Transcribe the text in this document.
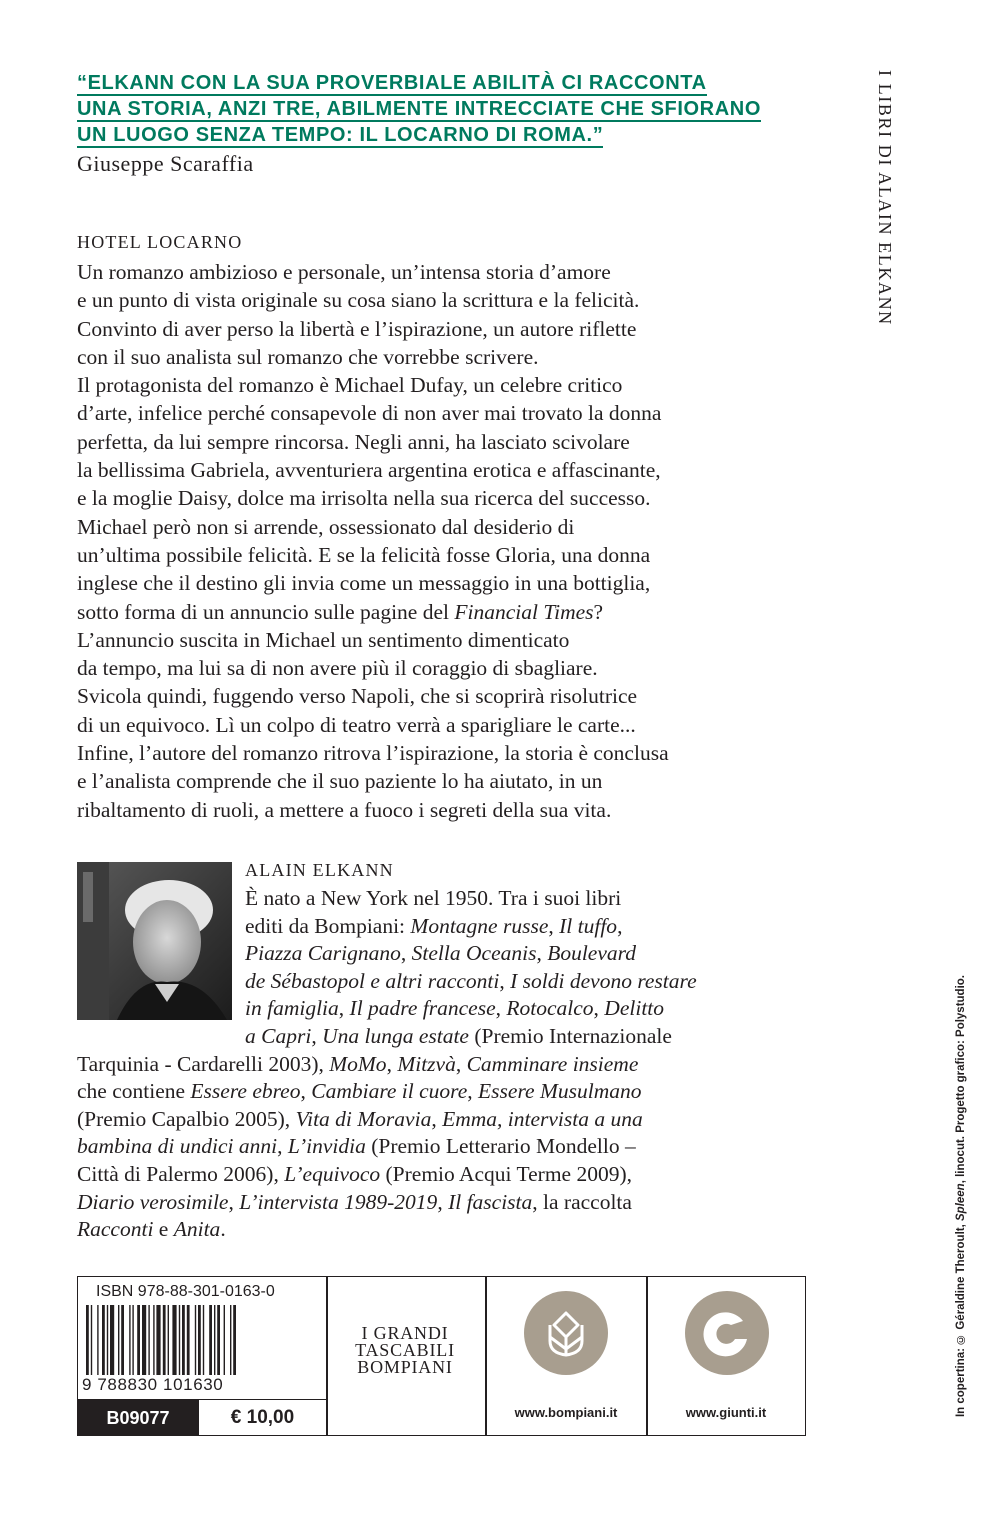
“ELKANN CON LA SUA PROVERBIALE ABILITÀ CI RACCONTA
UNA STORIA, ANZI TRE, ABILMENTE INTRECCIATE CHE SFIORANO
UN LUOGO SENZA TEMPO: IL LOCARNO DI ROMA.”
Giuseppe Scaraffia
HOTEL LOCARNO
Un romanzo ambizioso e personale, un’intensa storia d’amore
e un punto di vista originale su cosa siano la scrittura e la felicità.
Convinto di aver perso la libertà e l’ispirazione, un autore riflette
con il suo analista sul romanzo che vorrebbe scrivere.
Il protagonista del romanzo è Michael Dufay, un celebre critico
d’arte, infelice perché consapevole di non aver mai trovato la donna
perfetta, da lui sempre rincorsa. Negli anni, ha lasciato scivolare
la bellissima Gabriela, avventuriera argentina erotica e affascinante,
e la moglie Daisy, dolce ma irrisolta nella sua ricerca del successo.
Michael però non si arrende, ossessionato dal desiderio di
un’ultima possibile felicità. E se la felicità fosse Gloria, una donna
inglese che il destino gli invia come un messaggio in una bottiglia,
sotto forma di un annuncio sulle pagine del Financial Times?
L’annuncio suscita in Michael un sentimento dimenticato
da tempo, ma lui sa di non avere più il coraggio di sbagliare.
Svicola quindi, fuggendo verso Napoli, che si scoprirà risolutrice
di un equivoco. Lì un colpo di teatro verrà a sparigliare le carte...
Infine, l’autore del romanzo ritrova l’ispirazione, la storia è conclusa
e l’analista comprende che il suo paziente lo ha aiutato, in un
ribaltamento di ruoli, a mettere a fuoco i segreti della sua vita.
ALAIN ELKANN
È nato a New York nel 1950. Tra i suoi libri
editi da Bompiani: Montagne russe, Il tuffo,
Piazza Carignano, Stella Oceanis, Boulevard
de Sébastopol e altri racconti, I soldi devono restare
in famiglia, Il padre francese, Rotocalco, Delitto
a Capri, Una lunga estate (Premio Internazionale
Tarquinia - Cardarelli 2003), MoMo, Mitzvà, Camminare insieme
che contiene Essere ebreo, Cambiare il cuore, Essere Musulmano
(Premio Capalbio 2005), Vita di Moravia, Emma, intervista a una
bambina di undici anni, L’invidia (Premio Letterario Mondello –
Città di Palermo 2006), L’equivoco (Premio Acqui Terme 2009),
Diario verosimile, L’intervista 1989-2019, Il fascista, la raccolta
Racconti e Anita.
I LIBRI DI ALAIN ELKANN
In copertina: © Géraldine Theroult, Spleen, linocut. Progetto grafico: Polystudio.
ISBN 978-88-301-0163-0
9 788830 101630
B09077	€ 10,00
I GRANDI
TASCABILI
BOMPIANI
www.bompiani.it	www.giunti.it
